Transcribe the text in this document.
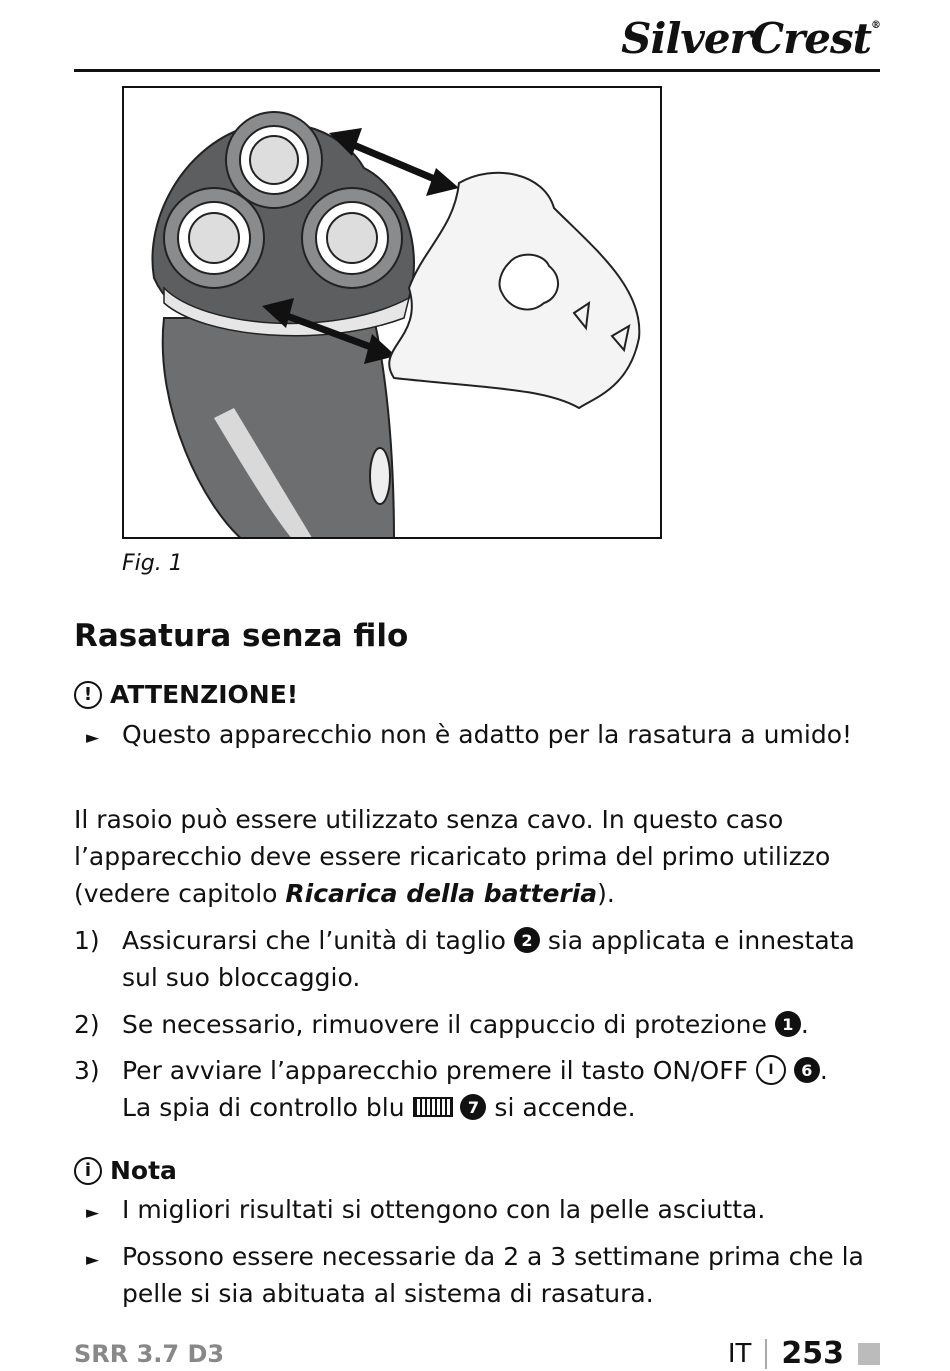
SilverCrest®
Fig. 1
Rasatura senza filo
! ATTENZIONE!
► Questo apparecchio non è adatto per la rasatura a umido!
Il rasoio può essere utilizzato senza cavo. In questo caso l’apparecchio deve essere ricaricato prima del primo utilizzo (vedere capitolo Ricarica della batteria).
1) Assicurarsi che l’unità di taglio 2 sia applicata e innestata sul suo bloccaggio.
2) Se necessario, rimuovere il cappuccio di protezione 1 .
3) Per avviare l’apparecchio premere il tasto ON/OFF I 6 .
La spia di controllo blu	7 si accende.
i Nota
► I migliori risultati si ottengono con la pelle asciutta.
► Possono essere necessarie da 2 a 3 settimane prima che la pelle si sia abituata al sistema di rasatura.
SRR 3.7 D3	IT 253
